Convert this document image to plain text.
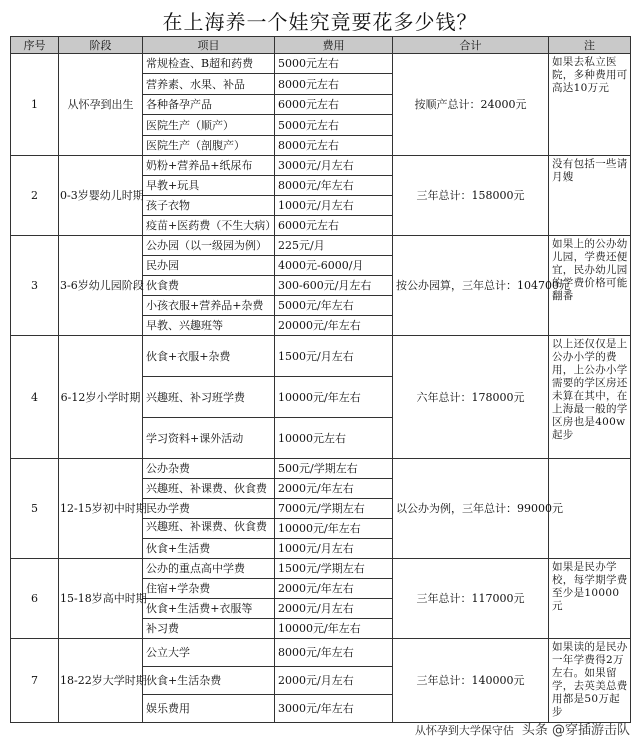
在上海养一个娃究竟要花多少钱？
序号	阶段	项目	费用	合计	注
1	从怀孕到出生	常规检查、B超和药费	5000元左右	按顺产总计：24000元	如果去私立医院，多种费用可高达10万元
		营养素、水果、补品	8000元左右		
		各种备孕产品	6000元左右		
		医院生产（顺产）	5000元左右		
		医院生产（剖腹产）	8000元左右		
2	0-3岁婴幼儿时期	奶粉+营养品+纸尿布	3000元/月左右	三年总计：158000元	没有包括一些请月嫂
		早教+玩具	8000元/年左右		
		孩子衣物	1000元/月左右		
		疫苗+医药费（不生大病）	6000元左右		
3	3-6岁幼儿园阶段	公办园（以一级园为例）	225元/月	按公办园算，三年总计：104700元	如果上的公办幼儿园，学费还便宜，民办幼儿园的学费价格可能翻番
		民办园	4000元-6000/月		
		伙食费	300-600元/月左右		
		小孩衣服+营养品+杂费	5000元/年左右		
		早教、兴趣班等	20000元/年左右		
4	6-12岁小学时期	伙食+衣服+杂费	1500元/月左右	六年总计：178000元	以上还仅仅是上公办小学的费用，上公办小学需要的学区房还未算在其中，在上海最一般的学区房也是400w起步
		兴趣班、补习班学费	10000元/年左右		
		学习资料+课外活动	10000元左右		
5	12-15岁初中时期	公办杂费	500元/学期左右	以公办为例，三年总计：99000元	
		兴趣班、补课费、伙食费	2000元/年左右		
		民办学费	7000元/学期左右		
		兴趣班、补课费、伙食费	10000元/年左右		
		伙食+生活费	1000元/月左右		
6	15-18岁高中时期	公办的重点高中学费	1500元/学期左右	三年总计：117000元	如果是民办学校，每学期学费至少是10000元
		住宿+学杂费	2000元/年左右		
		伙食+生活费+衣服等	2000元/月左右		
		补习费	10000元/年左右		
7	18-22岁大学时期	公立大学	8000元/年左右	三年总计：140000元	如果读的是民办一年学费得2万左右。如果留学，去英美总费用都是50万起步
		伙食+生活杂费	2000元/月左右		
		娱乐费用	3000元/年左右		
从怀孕到大学保守估 头条 @穿插游击队
